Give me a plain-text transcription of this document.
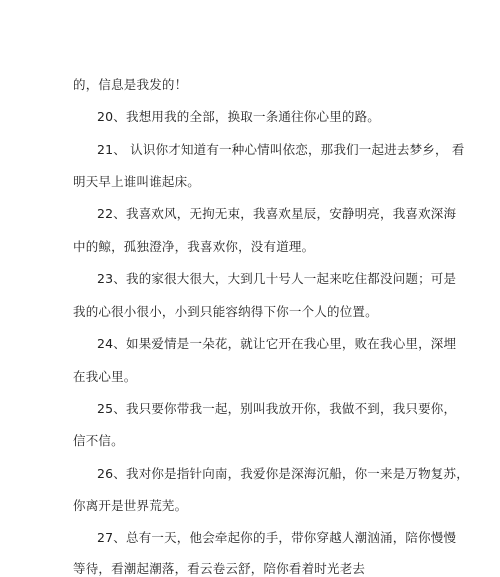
的，信息是我发的！
20、我想用我的全部，换取一条通往你心里的路。
21、 认识你才知道有一种心情叫依恋，那我们一起进去梦乡， 看
明天早上谁叫谁起床。
22、我喜欢风，无拘无束，我喜欢星辰，安静明亮，我喜欢深海
中的鲸，孤独澄净，我喜欢你，没有道理。
23、我的家很大很大，大到几十号人一起来吃住都没问题；可是
我的心很小很小，小到只能容纳得下你一个人的位置。
24、如果爱情是一朵花，就让它开在我心里，败在我心里，深埋
在我心里。
25、我只要你带我一起，别叫我放开你，我做不到，我只要你，
信不信。
26、我对你是指针向南，我爱你是深海沉船，你一来是万物复苏，
你离开是世界荒芜。
27、总有一天，他会牵起你的手，带你穿越人潮汹涌，陪你慢慢
等待，看潮起潮落，看云卷云舒，陪你看着时光老去
